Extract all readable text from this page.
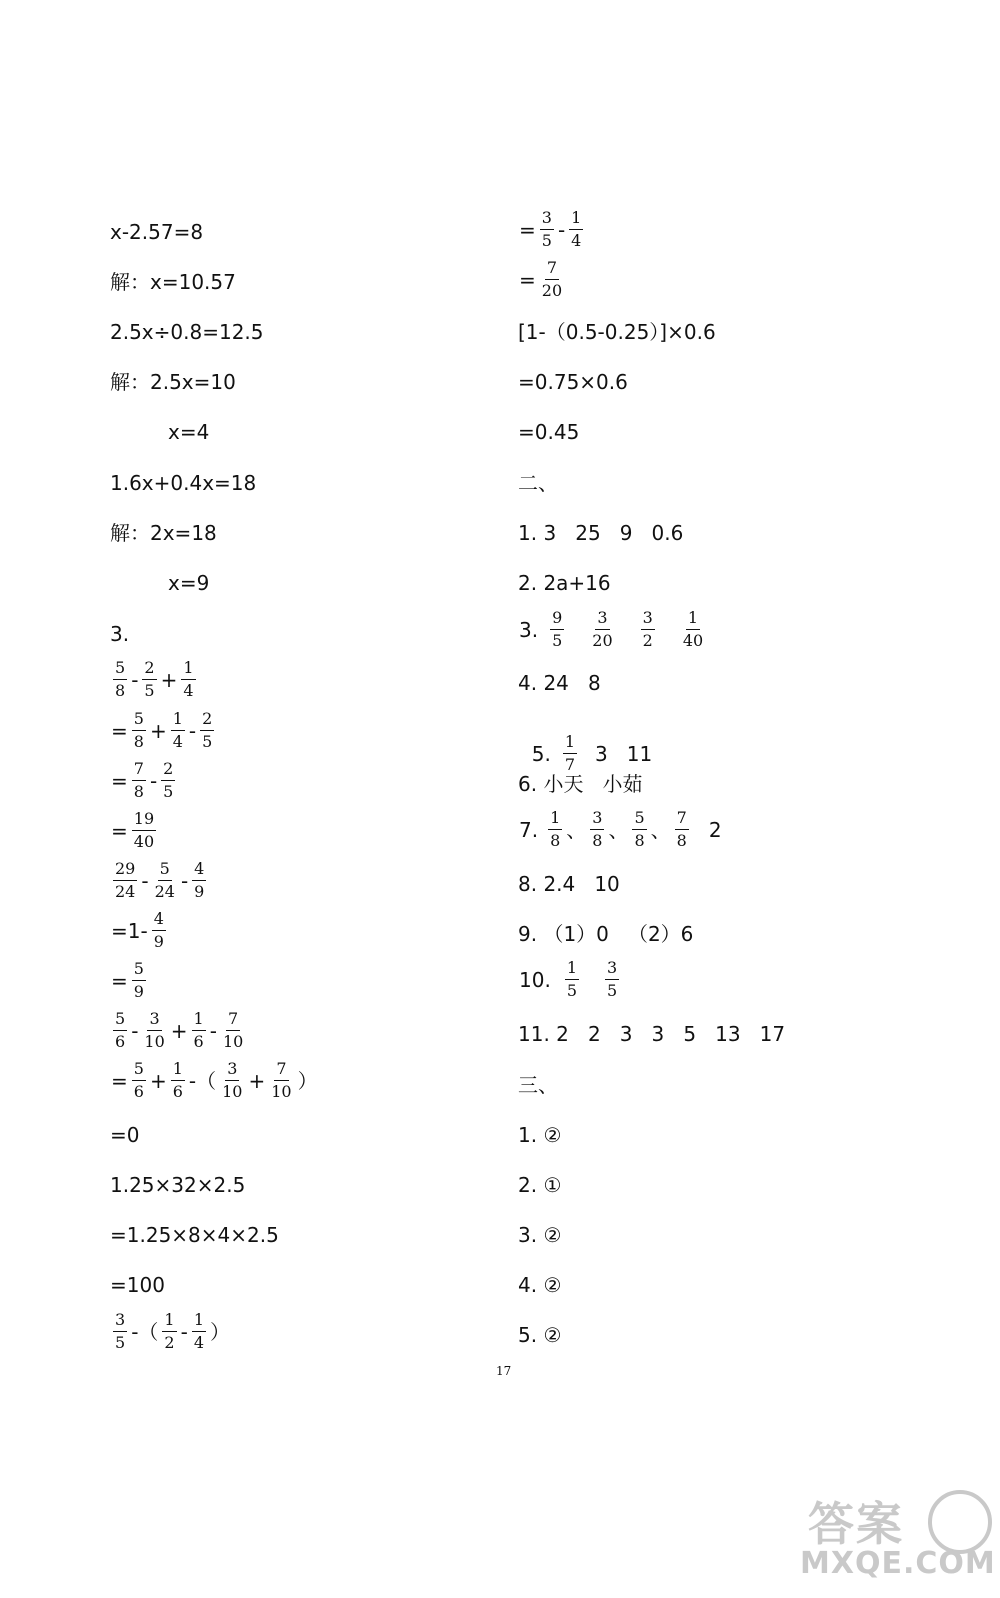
x-2.57=8
解：x=10.57
2.5x÷0.8=12.5
解：2.5x=10
x=4
1.6x+0.4x=18
解：2x=18
x=9
3.
$\frac{5}{8} - \frac{2}{5} + \frac{1}{4}$
= $\frac{5}{8} + \frac{1}{4} - \frac{2}{5}$
= $\frac{7}{8} - \frac{2}{5}$
= $\frac{19}{40}$
$\frac{29}{24} - \frac{5}{24} - \frac{4}{9}$
$=1- \frac{4}{9}$
= $\frac{5}{9}$
$\frac{5}{6} - \frac{3}{10} + \frac{1}{6} - \frac{7}{10}$
= $\frac{5}{6} + \frac{1}{6}$ -（ $\frac{3}{10} + \frac{7}{10}$ ）
=0
1.25×32×2.5
=1.25×8×4×2.5
=100
$\frac{3}{5}$ -（ $\frac{1}{2} - \frac{1}{4}$ ）
= $\frac{3}{5} - \frac{1}{4}$
= $\frac{7}{20}$
[1-（0.5-0.25）]×0.6
=0.75×0.6
=0.45
二、
1. 3   25   9   0.6
2. 2a+16
3. $\frac{9}{5} \frac{3}{20} \frac{3}{2} \frac{1}{40}$
4. 24   8

5. $\frac{1}{7} 3$   11

6. 小天   小茹
7. $\frac{1}{8}$ 、 $\frac{3}{8}$ 、 $\frac{5}{8}$ 、 $\frac{7}{8} 2$
8. 2.4   10
9. （1）0   （2）6
10. $\frac{1}{5} \frac{3}{5}$
11. 2   2   3   3   5   13   17
三、
1. ②
2. ①
3. ②
4. ②
5. ②
17
答案
MXQE.COM
